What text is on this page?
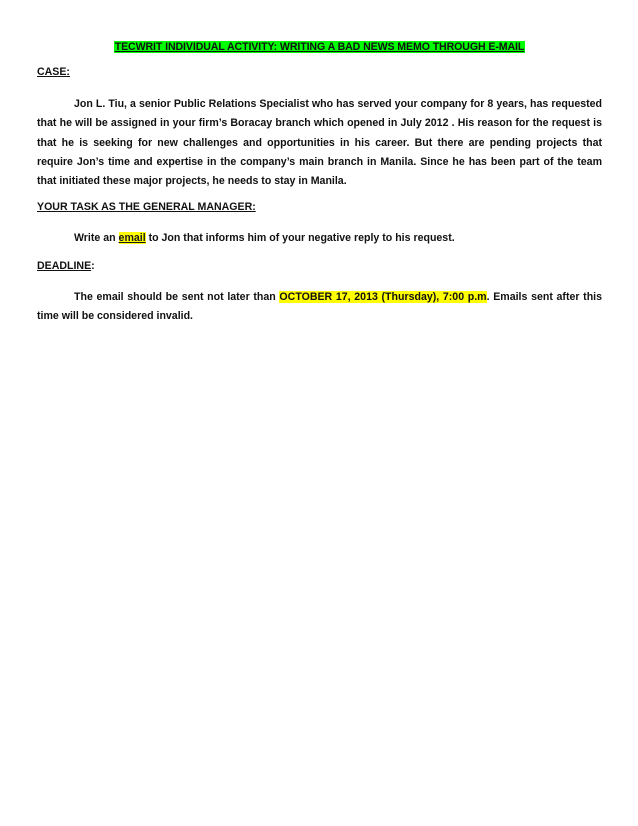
TECWRIT INDIVIDUAL ACTIVITY: WRITING A BAD NEWS MEMO THROUGH E-MAIL
CASE:

Jon L. Tiu, a senior Public Relations Specialist who has served your company for 8 years, has requested that he will be assigned in your firm’s Boracay branch which opened in July 2012 . His reason for the request is that he is seeking for new challenges and opportunities in his career. But there are pending projects that require Jon’s time and expertise in the company’s main branch in Manila. Since he has been part of the team that initiated these major projects, he needs to stay in Manila.

YOUR TASK AS THE GENERAL MANAGER:

Write an email to Jon that informs him of your negative reply to his request.

DEADLINE:

The email should be sent not later than OCTOBER 17, 2013 (Thursday), 7:00 p.m. Emails sent after this time will be considered invalid.
